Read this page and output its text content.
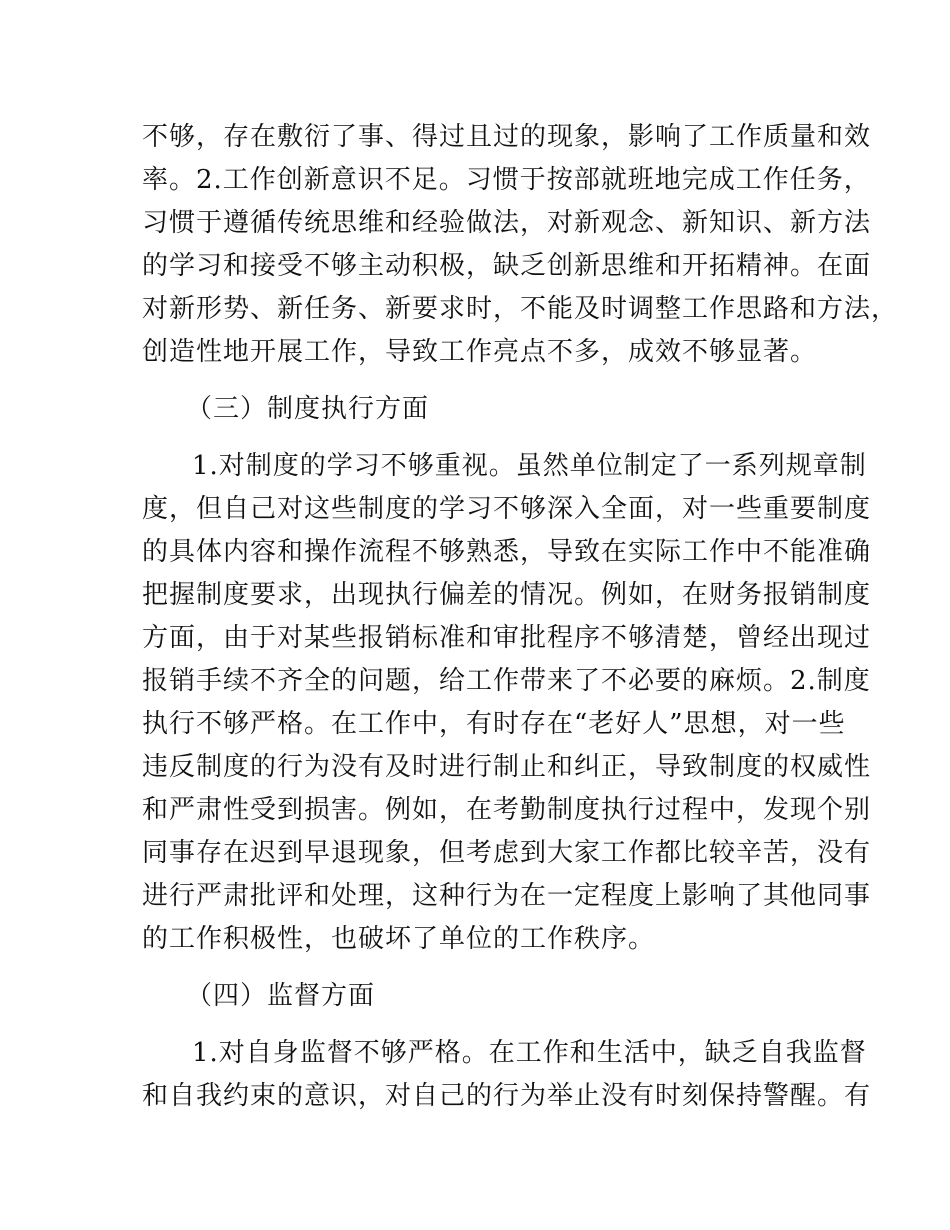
不够，存在敷衍了事、得过且过的现象，影响了工作质量和效
率。2.工作创新意识不足。习惯于按部就班地完成工作任务，
习惯于遵循传统思维和经验做法，对新观念、新知识、新方法
的学习和接受不够主动积极，缺乏创新思维和开拓精神。在面
对新形势、新任务、新要求时，不能及时调整工作思路和方法，
创造性地开展工作，导致工作亮点不多，成效不够显著。
（三）制度执行方面
1.对制度的学习不够重视。虽然单位制定了一系列规章制
度，但自己对这些制度的学习不够深入全面，对一些重要制度
的具体内容和操作流程不够熟悉，导致在实际工作中不能准确
把握制度要求，出现执行偏差的情况。例如，在财务报销制度
方面，由于对某些报销标准和审批程序不够清楚，曾经出现过
报销手续不齐全的问题，给工作带来了不必要的麻烦。2.制度
执行不够严格。在工作中，有时存在“老好人”思想，对一些
违反制度的行为没有及时进行制止和纠正，导致制度的权威性
和严肃性受到损害。例如，在考勤制度执行过程中，发现个别
同事存在迟到早退现象，但考虑到大家工作都比较辛苦，没有
进行严肃批评和处理，这种行为在一定程度上影响了其他同事
的工作积极性，也破坏了单位的工作秩序。
（四）监督方面
1.对自身监督不够严格。在工作和生活中，缺乏自我监督
和自我约束的意识，对自己的行为举止没有时刻保持警醒。有
